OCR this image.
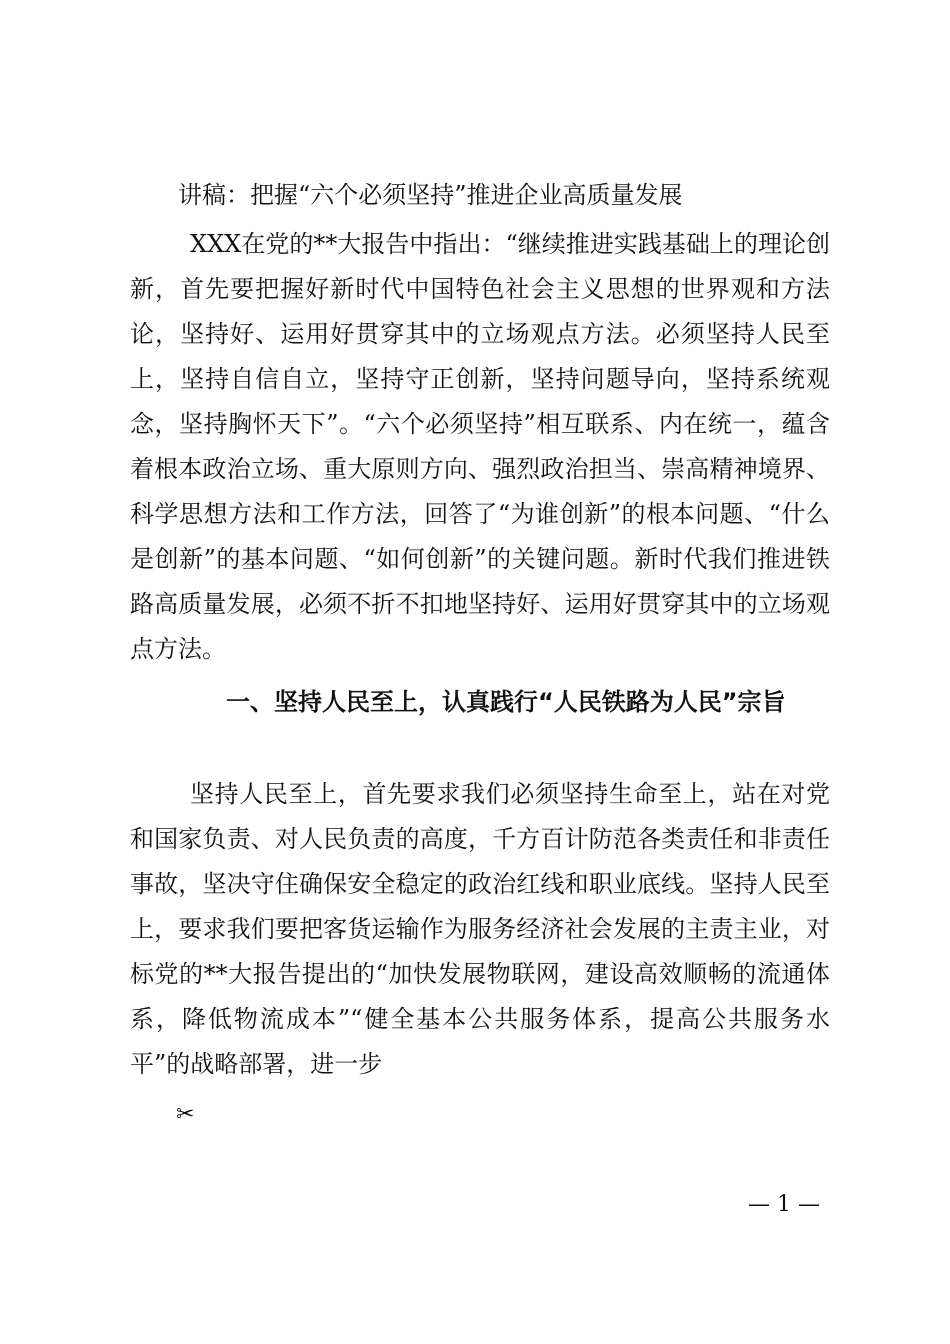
讲稿：把握“六个必须坚持”推进企业高质量发展
XXX在党的**大报告中指出：“继续推进实践基础上的理论创新，首先要把握好新时代中国特色社会主义思想的世界观和方法论，坚持好、运用好贯穿其中的立场观点方法。必须坚持人民至上，坚持自信自立，坚持守正创新，坚持问题导向，坚持系统观念，坚持胸怀天下”。“六个必须坚持”相互联系、内在统一，蕴含着根本政治立场、重大原则方向、强烈政治担当、崇高精神境界、科学思想方法和工作方法，回答了“为谁创新”的根本问题、“什么是创新”的基本问题、“如何创新”的关键问题。新时代我们推进铁路高质量发展，必须不折不扣地坚持好、运用好贯穿其中的立场观点方法。
一、坚持人民至上，认真践行“人民铁路为人民”宗旨
坚持人民至上，首先要求我们必须坚持生命至上，站在对党和国家负责、对人民负责的高度，千方百计防范各类责任和非责任事故，坚决守住确保安全稳定的政治红线和职业底线。坚持人民至上，要求我们要把客货运输作为服务经济社会发展的主责主业，对标党的**大报告提出的“加快发展物联网，建设高效顺畅的流通体系，降低物流成本”“健全基本公共服务体系，提高公共服务水平”的战略部署，进一步
✂
— 1 —
